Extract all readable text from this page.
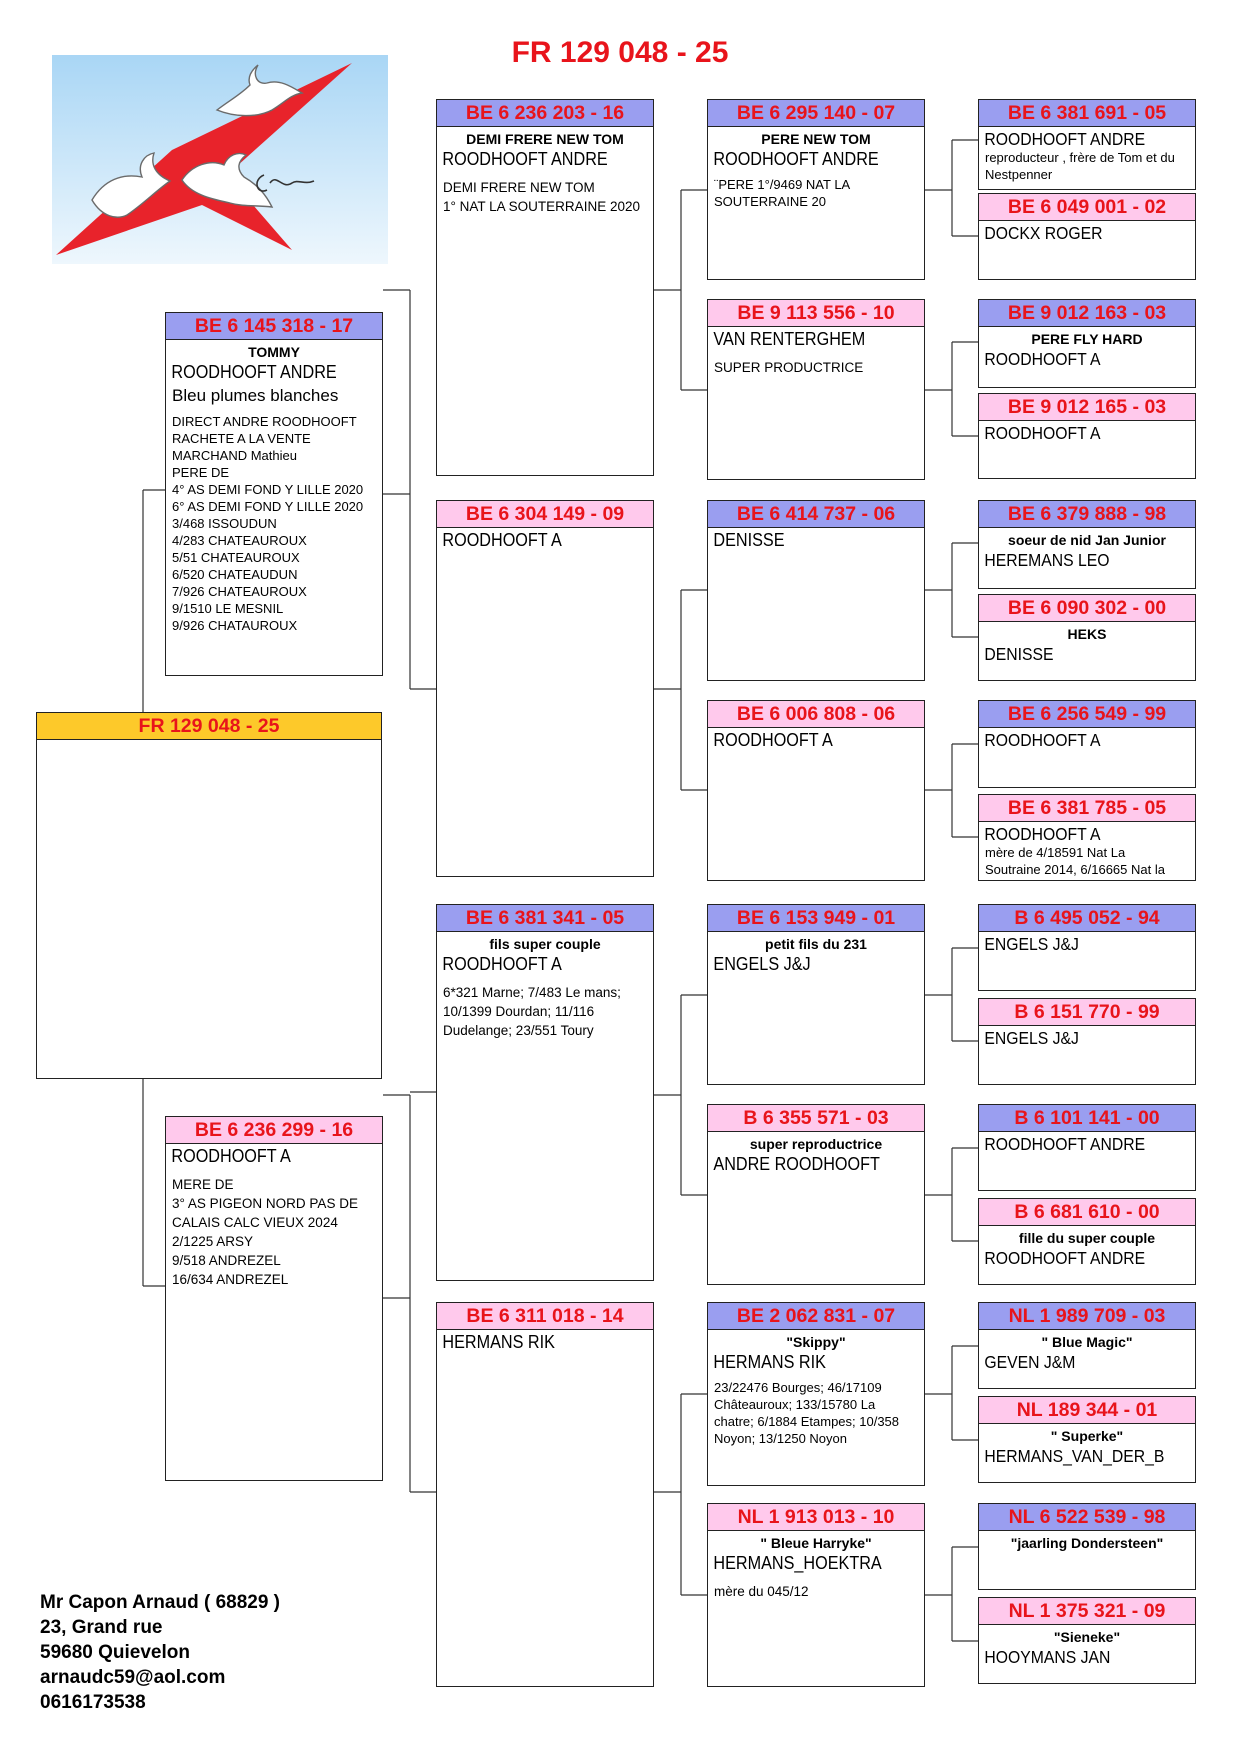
FR 129 048 - 25
FR 129 048 - 25
BE 6 145 318 - 17
TOMMY
ROODHOOFT ANDRE
Bleu plumes blanches
DIRECT ANDRE ROODHOOFT
RACHETE A LA VENTE
MARCHAND Mathieu
PERE DE
4° AS DEMI FOND Y LILLE 2020
6° AS DEMI FOND Y LILLE 2020
3/468 ISSOUDUN
4/283 CHATEAUROUX
5/51 CHATEAUROUX
6/520 CHATEAUDUN
7/926 CHATEAUROUX
9/1510 LE MESNIL
9/926 CHATAUROUX
BE 6 236 299 - 16
ROODHOOFT A
MERE DE
3° AS PIGEON NORD PAS DE
CALAIS CALC VIEUX 2024
2/1225 ARSY
9/518 ANDREZEL
16/634 ANDREZEL
BE 6 236 203 - 16
DEMI FRERE NEW TOM
ROODHOOFT ANDRE
DEMI FRERE NEW TOM
1° NAT LA SOUTERRAINE 2020
BE 6 304 149 - 09
ROODHOOFT A
BE 6 381 341 - 05
fils super couple
ROODHOOFT A
6*321 Marne; 7/483 Le mans;
10/1399 Dourdan; 11/116
Dudelange; 23/551 Toury
BE 6 311 018 - 14
HERMANS RIK
BE 6 295 140 - 07
PERE NEW TOM
ROODHOOFT ANDRE
¨PERE 1°/9469 NAT LA
SOUTERRAINE 20
BE 9 113 556 - 10
VAN RENTERGHEM
SUPER PRODUCTRICE
BE 6 414 737 - 06
DENISSE
BE 6 006 808 - 06
ROODHOOFT A
BE 6 153 949 - 01
petit fils du 231
ENGELS J&J
B 6 355 571 - 03
super reproductrice
ANDRE ROODHOOFT
BE 2 062 831 - 07
"Skippy"
HERMANS RIK
23/22476 Bourges; 46/17109
Châteauroux; 133/15780 La
chatre; 6/1884 Etampes; 10/358
Noyon; 13/1250 Noyon
NL 1 913 013 - 10
" Bleue Harryke"
HERMANS_HOEKTRA
mère du 045/12
BE 6 381 691 - 05
ROODHOOFT ANDRE
reproducteur , frère de Tom et du
Nestpenner
BE 6 049 001 - 02
DOCKX ROGER
BE 9 012 163 - 03
PERE FLY HARD
ROODHOOFT A
BE 9 012 165 - 03
ROODHOOFT A
BE 6 379 888 - 98
soeur de nid Jan Junior
HEREMANS LEO
BE 6 090 302 - 00
HEKS
DENISSE
BE 6 256 549 - 99
ROODHOOFT A
BE 6 381 785 - 05
ROODHOOFT A
mère de 4/18591 Nat La
Soutraine 2014, 6/16665 Nat la
B 6 495 052 - 94
ENGELS J&J
B 6 151 770 - 99
ENGELS J&J
B 6 101 141 - 00
ROODHOOFT ANDRE
B 6 681 610 - 00
fille du super couple
ROODHOOFT ANDRE
NL 1 989 709 - 03
" Blue Magic"
GEVEN J&M
NL 189 344 - 01
" Superke"
HERMANS_VAN_DER_B
NL 6 522 539 - 98
"jaarling Dondersteen"
NL 1 375 321 - 09
"Sieneke"
HOOYMANS JAN
Mr Capon Arnaud ( 68829 )
23, Grand rue
59680 Quievelon
arnaudc59@aol.com
0616173538
